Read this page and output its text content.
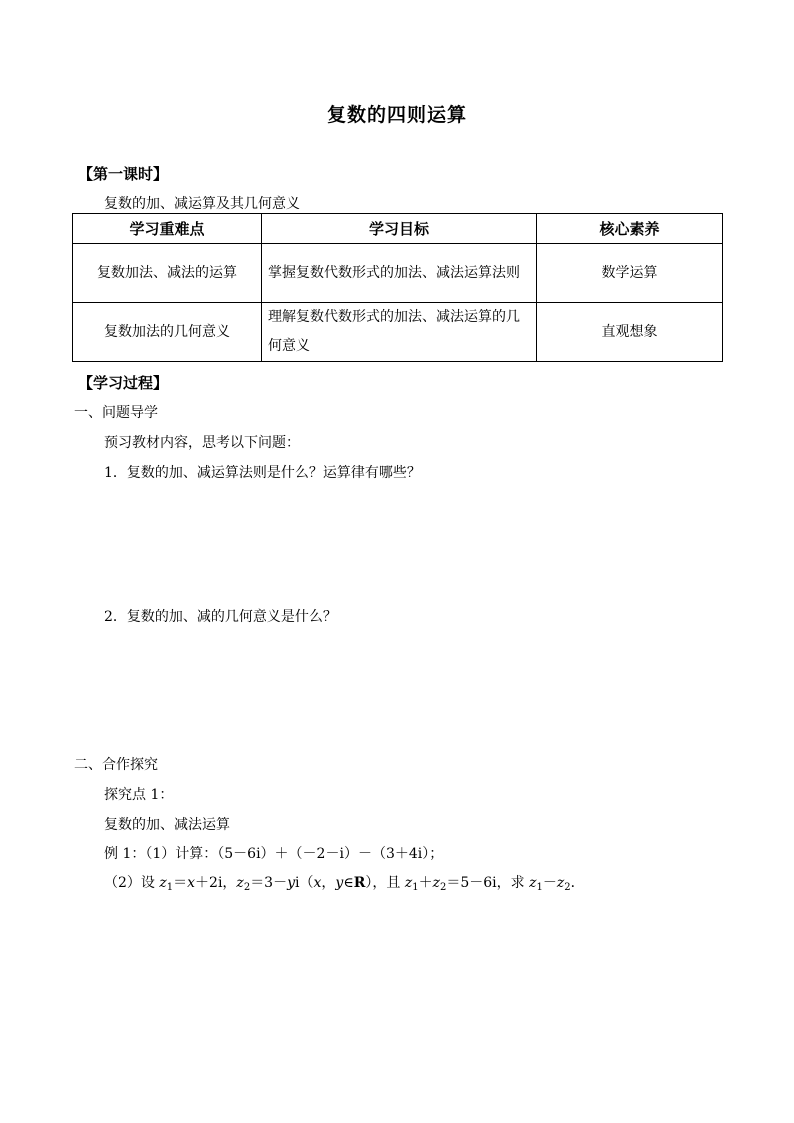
复数的四则运算
【第一课时】
复数的加、减运算及其几何意义
学习重难点	学习目标	核心素养
复数加法、减法的运算	掌握复数代数形式的加法、减法运算法则	数学运算
复数加法的几何意义	理解复数代数形式的加法、减法运算的几何意义	直观想象
【学习过程】
一、问题导学
预习教材内容，思考以下问题：
1．复数的加、减运算法则是什么？运算律有哪些？
2．复数的加、减的几何意义是什么？
二、合作探究
探究点 1：
复数的加、减法运算
例 1：（1）计算：（5－6i）＋（－2－i）－（3＋4i）；
（2）设 $z_1=x+2i$，$z_2=3-yi(x$，y∈R），且 $z_1+z_2=5-6i$，求 $z_1-z_2$．
